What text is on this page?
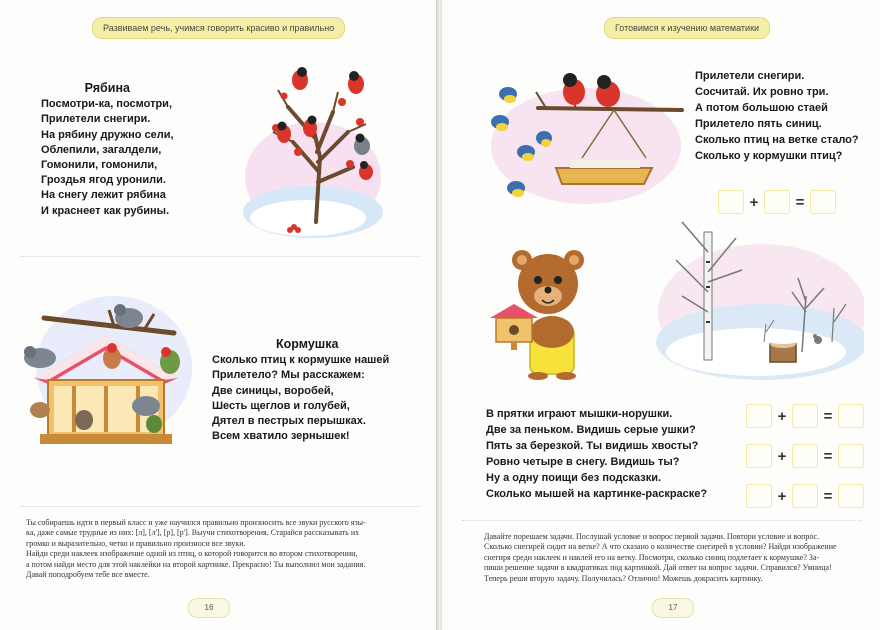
Развиваем речь, учимся говорить красиво и правильно
Рябина
Посмотри-ка, посмотри,
Прилетели снегири.
На рябину дружно сели,
Облепили, загалдели,
Гомонили, гомонили,
Гроздья ягод уронили.
На снегу лежит рябина
И краснеет как рубины.
Кормушка
Сколько птиц к кормушке нашей
Прилетело? Мы расскажем:
Две синицы, воробей,
Шесть щеглов и голубей,
Дятел в пестрых перышках.
Всем хватило зернышек!
Ты собираешь идти в первый класс и уже научился правильно произносить все звуки русского язы-
ка, даже самые трудные из них: [л], [л'], [р], [р']. Выучи стихотворения. Старайся рассказывать их
громко и выразительно, четко и правильно произноси все звуки.
Найди среди наклеек изображение одной из птиц, о которой говорится во втором стихотворении,
а потом найди место для этой наклейки на второй картинке. Прекрасно! Ты выполнил мои задания.
Давай поподробуем тебе все вместе.
16
Готовимся к изучению математики
Прилетели снегири.
Сосчитай. Их ровно три.
А потом большою стаей
Прилетело пять синиц.
Сколько птиц на ветке стало?
Сколько у кормушки птиц?
+	=
В прятки играют мышки-норушки.
Две за пеньком. Видишь серые ушки?
Пять за березкой. Ты видишь хвосты?
Ровно четыре в снегу. Видишь ты?
Ну а одну поищи без подсказки.
Сколько мышей на картинке-раскраске?
+	=
+	=
+	=
Давайте порешаем задачи. Послушай условие и вопрос первой задачи. Повтори условие и вопрос.
Сколько снегирей сидит на ветке? А что сказано о количестве снегирей в условии? Найди изображение
снегиря среди наклеек и наклей его на ветку. Посмотри, сколько синиц подлетает к кормушке? За-
пиши решение задачи в квадратиках под картинкой. Дай ответ на вопрос задачи. Справился? Умница!
Теперь реши вторую задачу. Получилась? Отлично! Можешь докрасить картинку.
17
